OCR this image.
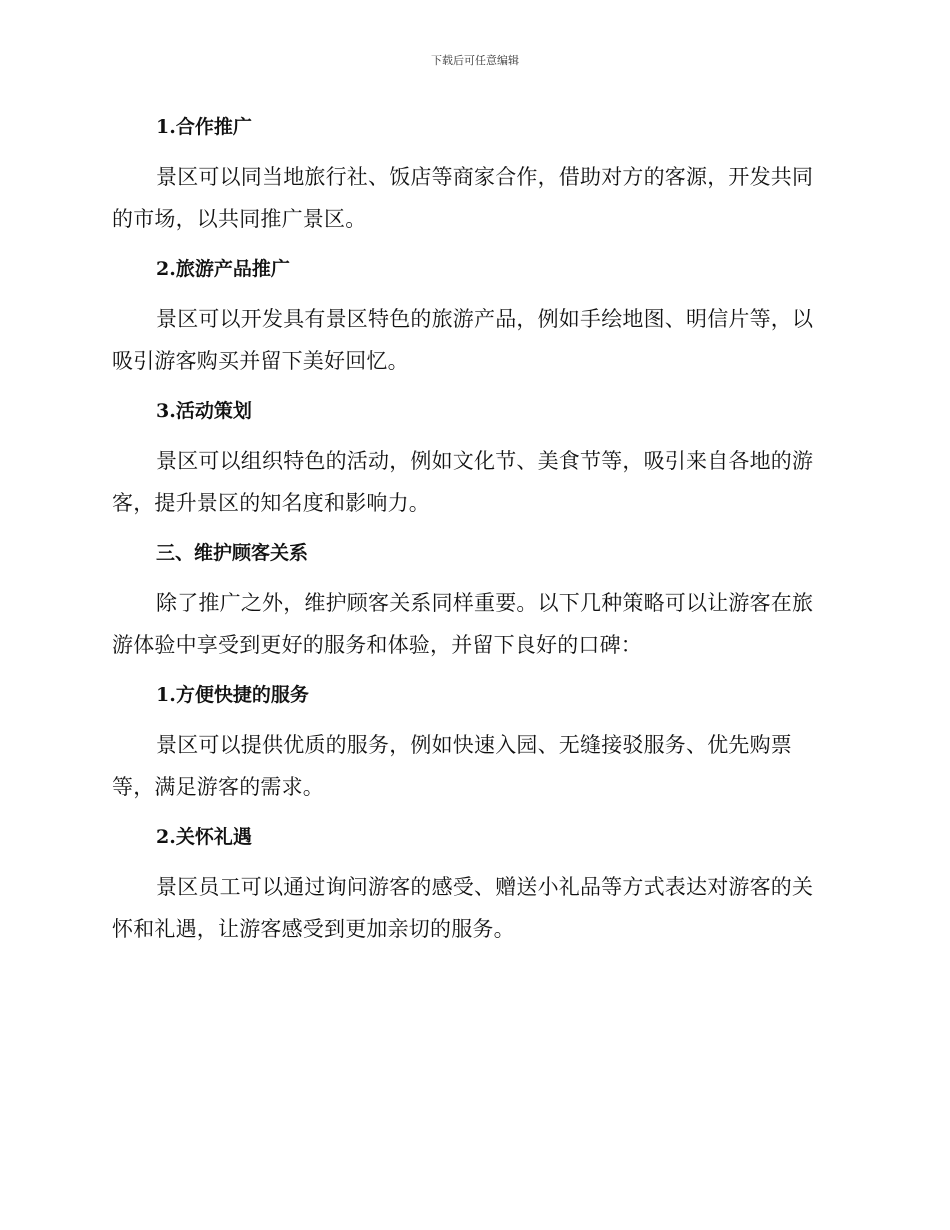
下载后可任意编辑
1.合作推广
景区可以同当地旅行社、饭店等商家合作，借助对方的客源，开发共同
的市场，以共同推广景区。
2.旅游产品推广
景区可以开发具有景区特色的旅游产品，例如手绘地图、明信片等，以
吸引游客购买并留下美好回忆。
3.活动策划
景区可以组织特色的活动，例如文化节、美食节等，吸引来自各地的游
客，提升景区的知名度和影响力。
三、维护顾客关系
除了推广之外，维护顾客关系同样重要。以下几种策略可以让游客在旅
游体验中享受到更好的服务和体验，并留下良好的口碑：
1.方便快捷的服务
景区可以提供优质的服务，例如快速入园、无缝接驳服务、优先购票
等，满足游客的需求。
2.关怀礼遇
景区员工可以通过询问游客的感受、赠送小礼品等方式表达对游客的关
怀和礼遇，让游客感受到更加亲切的服务。
